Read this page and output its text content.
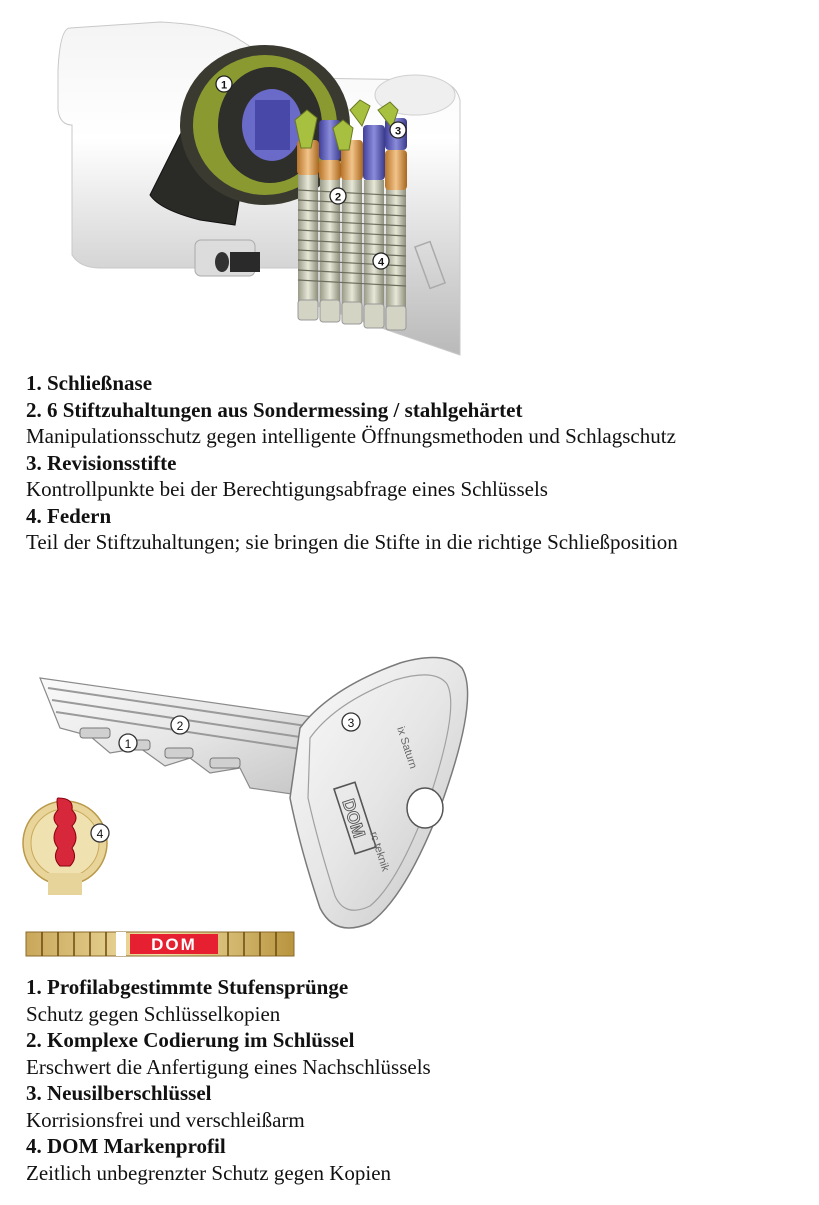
1
2
3
4
1. Schließnase
2. 6 Stiftzuhaltungen aus Sondermessing / stahlgehärtet
Manipulationsschutz gegen intelligente Öffnungsmethoden und Schlagschutz
3. Revisionsstifte
Kontrollpunkte bei der Berechtigungsabfrage eines Schlüssels
4. Federn
Teil der Stiftzuhaltungen; sie bringen die Stifte in die richtige Schließposition
DOM
ix Saturn
rc teknik
DOM
1
2	3
4
1. Profilabgestimmte Stufensprünge
Schutz gegen Schlüsselkopien
2. Komplexe Codierung im Schlüssel
Erschwert die Anfertigung eines Nachschlüssels
3. Neusilberschlüssel
Korrisionsfrei und verschleißarm
4. DOM Markenprofil
Zeitlich unbegrenzter Schutz gegen Kopien
